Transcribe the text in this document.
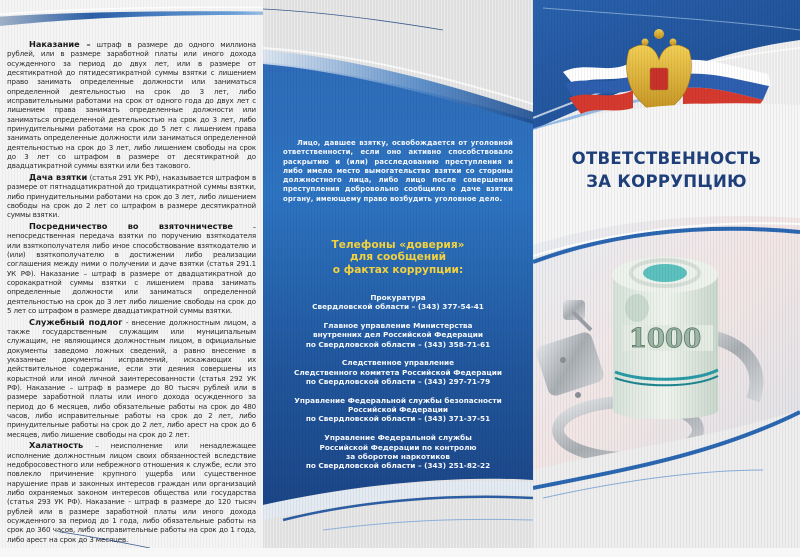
Наказание – штраф в размере до одного миллиона рублей, или в размере заработной платы или иного дохода осужденного за период до двух лет, или в размере от десятикратной до пятидесятикратной суммы взятки с лишением право занимать определенные должности или заниматься определенной деятельностью на срок до 3 лет, либо исправительными работами на срок от одного года до двух лет с лишением права занимать определенные должности или заниматься определенной деятельностью на срок до 3 лет, либо принудительными работами на срок до 5 лет с лишением права занимать определенные должности или заниматься определенной деятельностью на срок до 3 лет, либо лишением свободы на срок до 3 лет со штрафом в размере от десятикратной до двадцатикратной суммы взятки или без такового.

Дача взятки (статья 291 УК РФ), наказывается штрафом в размере от пятнадцатикратной до тридцатикратной суммы взятки, либо принудительными работами на срок до 3 лет, либо лишением свободы на срок до 2 лет со штрафом в размере десятикратной суммы взятки.

Посредничество во взяточничестве – непосредственная передача взятки по поручению взяткодателя или взяткополучателя либо иное способствование взяткодателю и (или) взяткополучателю в достижении либо реализации соглашения между ними о получении и даче взятки (статья 291.1 УК РФ). Наказание – штраф в размере от двадцатикратной до сорокакратной суммы взятки с лишением права занимать определенные должности или заниматься определенной деятельностью на срок до 3 лет либо лишение свободы на срок до 5 лет со штрафом в размере двадцатикратной суммы взятки.

Служебный подлог - внесение должностным лицом, а также государственным служащим или муниципальным служащим, не являющимся должностным лицом, в официальные документы заведомо ложных сведений, а равно внесение в указанные документы исправлений, искажающих их действительное содержание, если эти деяния совершены из корыстной или иной личной заинтересованности (статья 292 УК РФ). Наказание – штраф в размере до 80 тысяч рублей или в размере заработной платы или иного дохода осужденного за период до 6 месяцев, либо обязательные работы на срок до 480 часов, либо исправительные работы на срок до 2 лет, либо принудительные работы на срок до 2 лет, либо арест на срок до 6 месяцев, либо лишение свободы на срок до 2 лет.

Халатность – неисполнение или ненадлежащее исполнение должностным лицом своих обязанностей вследствие недобросовестного или небрежного отношения к службе, если это повлекло причинение крупного ущерба или существенное нарушение прав и законных интересов граждан или организаций либо охраняемых законом интересов общества или государства (статья 293 УК РФ). Наказание - штраф в размере до 120 тысяч рублей или в размере заработной платы или иного дохода осужденного за период до 1 года, либо обязательные работы на срок до 360 часов, либо исправительные работы на срок до 1 года, либо арест на срок до 3 месяцев.

Лицо, давшее взятку, освобождается от уголовной ответственности, если оно активно способствовало раскрытию и (или) расследованию преступления и либо имело место вымогательство взятки со стороны должностного лица, либо лицо после совершения преступления добровольно сообщило о даче взятки органу, имеющему право возбудить уголовное дело.
Телефоны «доверия»
для сообщений
о фактах коррупции:
Прокуратура
Свердловской области – (343) 377-54-41
Главное управление Министерства
внутренних дел Российской Федерации
по Свердловской области – (343) 358-71-61
Следственное управление
Следственного комитета Российской Федерации
по Свердловской области – (343) 297-71-79
Управление Федеральной службы безопасности
Российской Федерации
по Свердловской области – (343) 371-37-51
Управление Федеральной службы
Российской Федерации по контролю
за оборотом наркотиков
по Свердловской области – (343) 251-82-22
ОТВЕТСТВЕННОСТЬ
ЗА КОРРУПЦИЮ
